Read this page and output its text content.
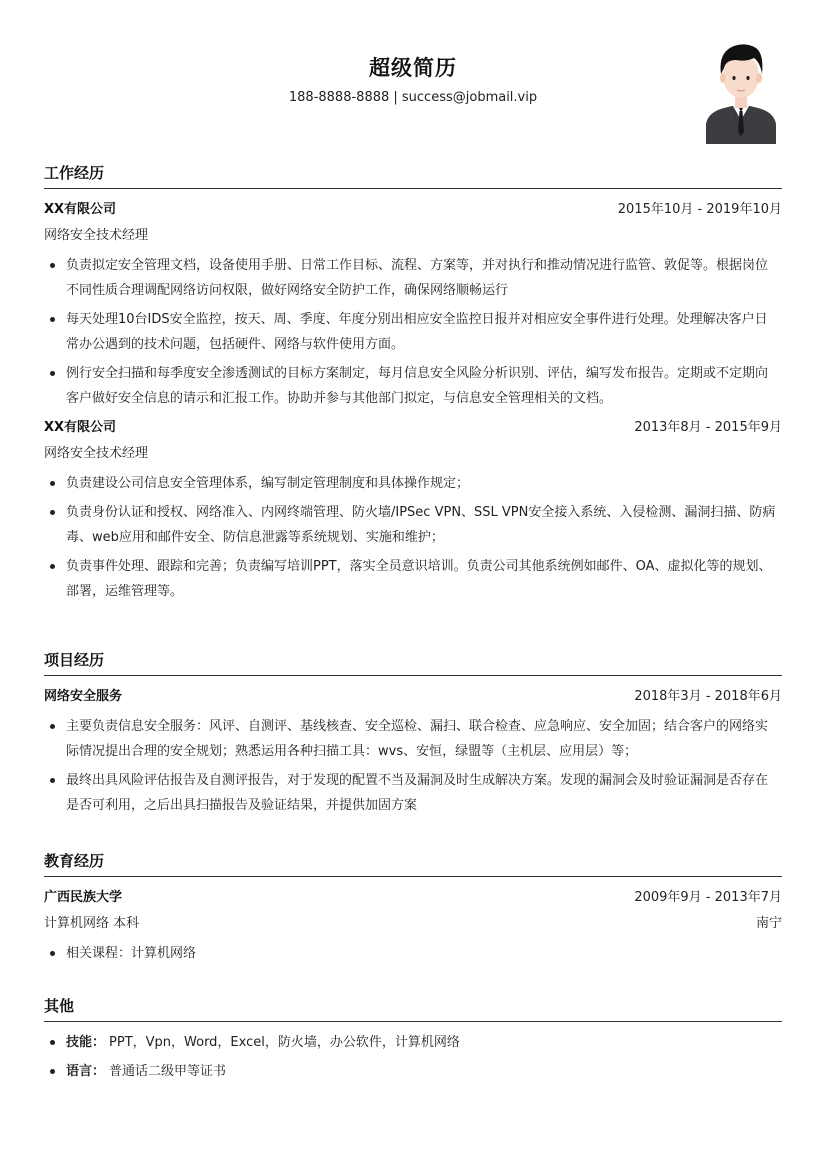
超级简历
188-8888-8888 | success@jobmail.vip
工作经历
XX有限公司	2015年10月 - 2019年10月
网络安全技术经理
负责拟定安全管理文档，设备使用手册、日常工作目标、流程、方案等，并对执行和推动情况进行监管、敦促等。根据岗位不同性质合理调配网络访问权限，做好网络安全防护工作，确保网络顺畅运行
每天处理10台IDS安全监控，按天、周、季度、年度分别出相应安全监控日报并对相应安全事件进行处理。处理解决客户日常办公遇到的技术问题，包括硬件、网络与软件使用方面。
例行安全扫描和每季度安全渗透测试的目标方案制定，每月信息安全风险分析识别、评估，编写发布报告。定期或不定期向客户做好安全信息的请示和汇报工作。协助并参与其他部门拟定，与信息安全管理相关的文档。
XX有限公司	2013年8月 - 2015年9月
网络安全技术经理
负责建设公司信息安全管理体系，编写制定管理制度和具体操作规定；
负责身份认证和授权、网络准入、内网终端管理、防火墙/IPSec VPN、SSL VPN安全接入系统、入侵检测、漏洞扫描、防病毒、web应用和邮件安全、防信息泄露等系统规划、实施和维护；
负责事件处理、跟踪和完善；负责编写培训PPT，落实全员意识培训。负责公司其他系统例如邮件、OA、虚拟化等的规划、部署，运维管理等。
项目经历
网络安全服务	2018年3月 - 2018年6月
主要负责信息安全服务：风评、自测评、基线核查、安全巡检、漏扫、联合检查、应急响应、安全加固；结合客户的网络实际情况提出合理的安全规划；熟悉运用各种扫描工具：wvs、安恒，绿盟等（主机层、应用层）等；
最终出具风险评估报告及自测评报告，对于发现的配置不当及漏洞及时生成解决方案。发现的漏洞会及时验证漏洞是否存在是否可利用，之后出具扫描报告及验证结果，并提供加固方案
教育经历
广西民族大学	2009年9月 - 2013年7月
计算机网络 本科	南宁
相关课程：计算机网络
其他
技能： PPT，Vpn，Word，Excel，防火墙，办公软件，计算机网络
语言： 普通话二级甲等证书
